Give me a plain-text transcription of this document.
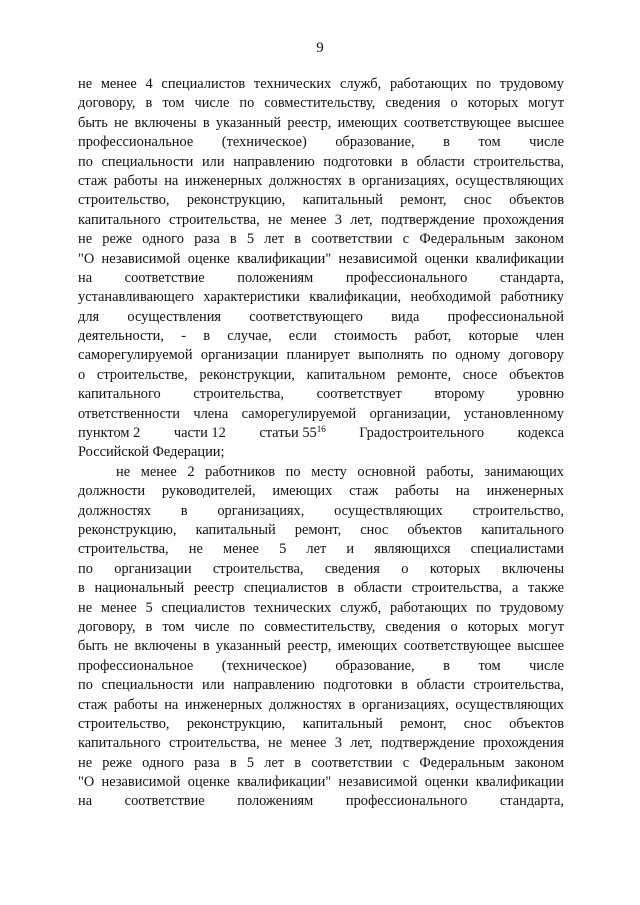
9
не менее 4 специалистов технических служб, работающих по трудовому
договору, в том числе по совместительству, сведения о которых могут
быть не включены в указанный реестр, имеющих соответствующее высшее
профессиональное (техническое) образование, в том числе
по специальности или направлению подготовки в области строительства,
стаж работы на инженерных должностях в организациях, осуществляющих
строительство, реконструкцию, капитальный ремонт, снос объектов
капитального строительства, не менее 3 лет, подтверждение прохождения
не реже одного раза в 5 лет в соответствии с Федеральным законом
"О независимой оценке квалификации" независимой оценки квалификации
на соответствие положениям профессионального стандарта,
устанавливающего характеристики квалификации, необходимой работнику
для осуществления соответствующего вида профессиональной
деятельности, - в случае, если стоимость работ, которые член
саморегулируемой организации планирует выполнять по одному договору
о строительстве, реконструкции, капитальном ремонте, сносе объектов
капитального строительства, соответствует второму уровню
ответственности члена саморегулируемой организации, установленному
пунктом 2 части 12 статьи $55^{16}$ Градостроительного кодекса
Российской Федерации;
не менее 2 работников по месту основной работы, занимающих
должности руководителей, имеющих стаж работы на инженерных
должностях в организациях, осуществляющих строительство,
реконструкцию, капитальный ремонт, снос объектов капитального
строительства, не менее 5 лет и являющихся специалистами
по организации строительства, сведения о которых включены
в национальный реестр специалистов в области строительства, а также
не менее 5 специалистов технических служб, работающих по трудовому
договору, в том числе по совместительству, сведения о которых могут
быть не включены в указанный реестр, имеющих соответствующее высшее
профессиональное (техническое) образование, в том числе
по специальности или направлению подготовки в области строительства,
стаж работы на инженерных должностях в организациях, осуществляющих
строительство, реконструкцию, капитальный ремонт, снос объектов
капитального строительства, не менее 3 лет, подтверждение прохождения
не реже одного раза в 5 лет в соответствии с Федеральным законом
"О независимой оценке квалификации" независимой оценки квалификации
на соответствие положениям профессионального стандарта,
